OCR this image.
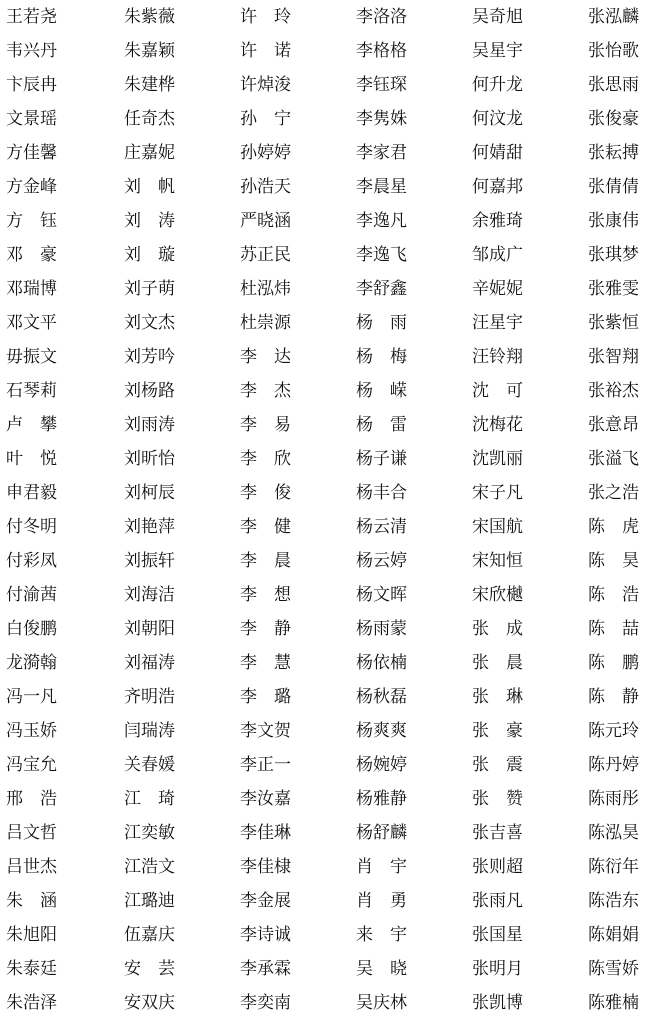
王若尧	朱紫薇	许　玲	李洛洛	吴奇旭	张泓麟
韦兴丹	朱嘉颖	许　诺	李格格	吴星宇	张怡歌
卞辰冉	朱建桦	许焯浚	李钰琛	何升龙	张思雨
文景瑶	任奇杰	孙　宁	李隽姝	何汶龙	张俊豪
方佳馨	庄嘉妮	孙婷婷	李家君	何婧甜	张耘搏
方金峰	刘　帆	孙浩天	李晨星	何嘉邦	张倩倩
方　钰	刘　涛	严晓涵	李逸凡	余雅琦	张康伟
邓　豪	刘　璇	苏正民	李逸飞	邹成广	张琪梦
邓瑞博	刘子萌	杜泓炜	李舒鑫	辛妮妮	张雅雯
邓文平	刘文杰	杜崇源	杨　雨	汪星宇	张紫恒
毋振文	刘芳吟	李　达	杨　梅	汪铃翔	张智翔
石琴莉	刘杨路	李　杰	杨　嵘	沈　可	张裕杰
卢　攀	刘雨涛	李　易	杨　雷	沈梅花	张意昂
叶　悦	刘昕怡	李　欣	杨子谦	沈凯丽	张溢飞
申君毅	刘柯辰	李　俊	杨丰合	宋子凡	张之浩
付冬明	刘艳萍	李　健	杨云清	宋国航	陈　虎
付彩凤	刘振轩	李　晨	杨云婷	宋知恒	陈　昊
付渝茜	刘海洁	李　想	杨文晖	宋欣樾	陈　浩
白俊鹏	刘朝阳	李　静	杨雨蒙	张　成	陈　喆
龙漪翰	刘福涛	李　慧	杨依楠	张　晨	陈　鹏
冯一凡	齐明浩	李　璐	杨秋磊	张　琳	陈　静
冯玉娇	闫瑞涛	李文贺	杨爽爽	张　豪	陈元玲
冯宝允	关春媛	李正一	杨婉婷	张　震	陈丹婷
邢　浩	江　琦	李汝嘉	杨雅静	张　赞	陈雨彤
吕文哲	江奕敏	李佳琳	杨舒麟	张吉喜	陈泓昊
吕世杰	江浩文	李佳棣	肖　宇	张则超	陈衍年
朱　涵	江璐迪	李金展	肖　勇	张雨凡	陈浩东
朱旭阳	伍嘉庆	李诗诚	来　宇	张国星	陈娟娟
朱泰廷	安　芸	李承霖	吴　晓	张明月	陈雪娇
朱浩泽	安双庆	李奕南	吴庆林	张凯博	陈雅楠
